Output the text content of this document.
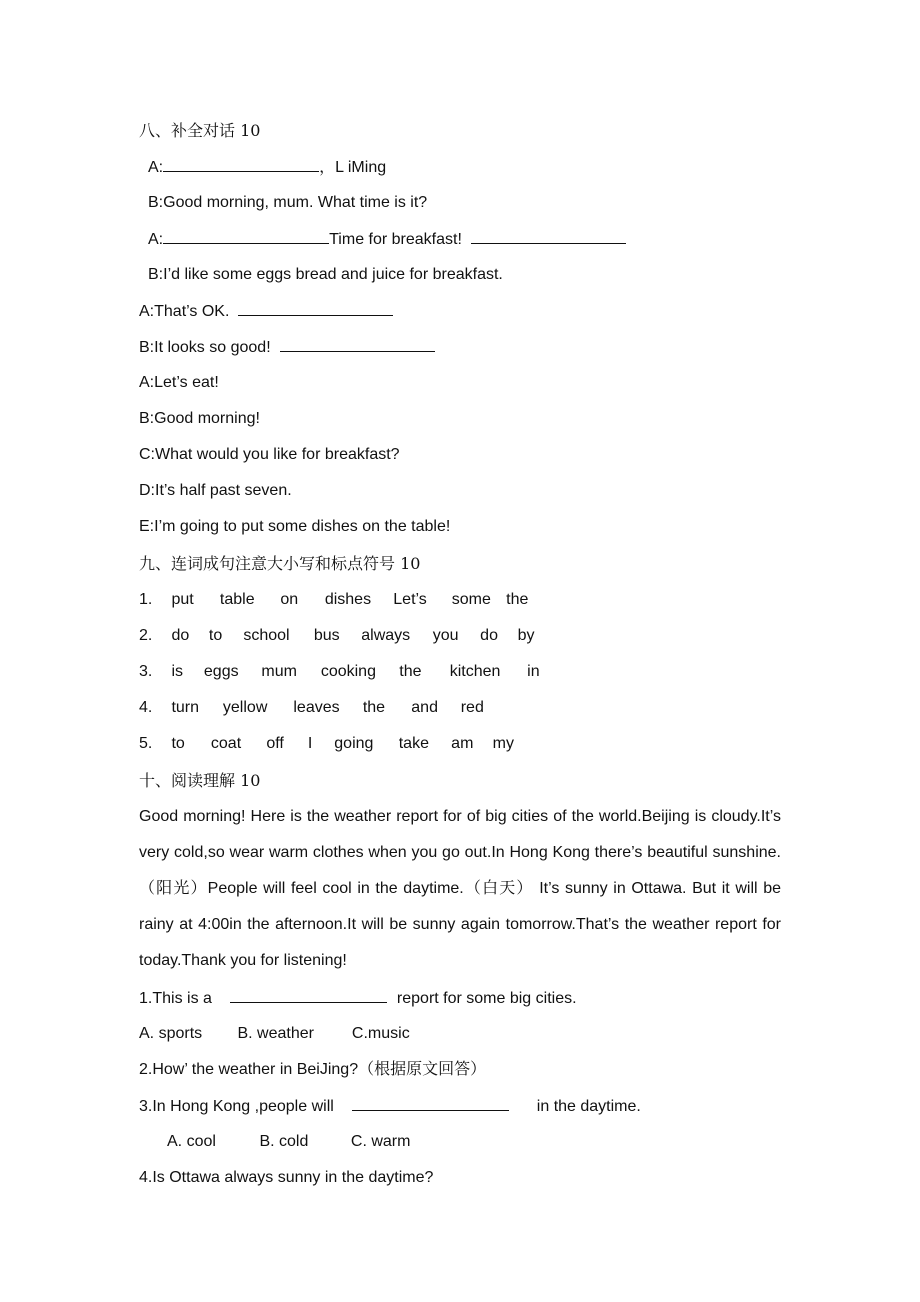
八、补全对话 10
A:	，L iMing
B:Good morning, mum. What time is it?
A:	Time for breakfast!
B:I’d like some eggs bread and juice for breakfast.
A:That’s OK.
B:It looks so good!
A:Let’s eat!
B:Good morning!
C:What would you like for breakfast?
D:It’s half past seven.
E:I’m going to put some dishes on the table!
九、连词成句注意大小写和标点符号 10
1. put table on dishes Let’s some the
2. do to school bus always you do by
3. is eggs mum cooking the kitchen in
4. turn yellow leaves the and red
5. to coat off I going take am my
十、阅读理解 10
Good morning! Here is the weather report for of big cities of the world.Beijing is cloudy.It’s very cold,so wear warm clothes when you go out.In Hong Kong there’s beautiful sunshine.（阳光）People will feel cool in the daytime.（白天） It’s sunny in Ottawa. But it will be rainy at 4:00in the afternoon.It will be sunny again tomorrow.That’s the weather report for today.Thank you for listening!
1.This is a	report for some big cities.
A. sports B. weather C.music
2.How’ the weather in BeiJing?（根据原文回答）
3.In Hong Kong ,people will	in the daytime.
A. cool	B. cold	C. warm
4.Is Ottawa always sunny in the daytime?
